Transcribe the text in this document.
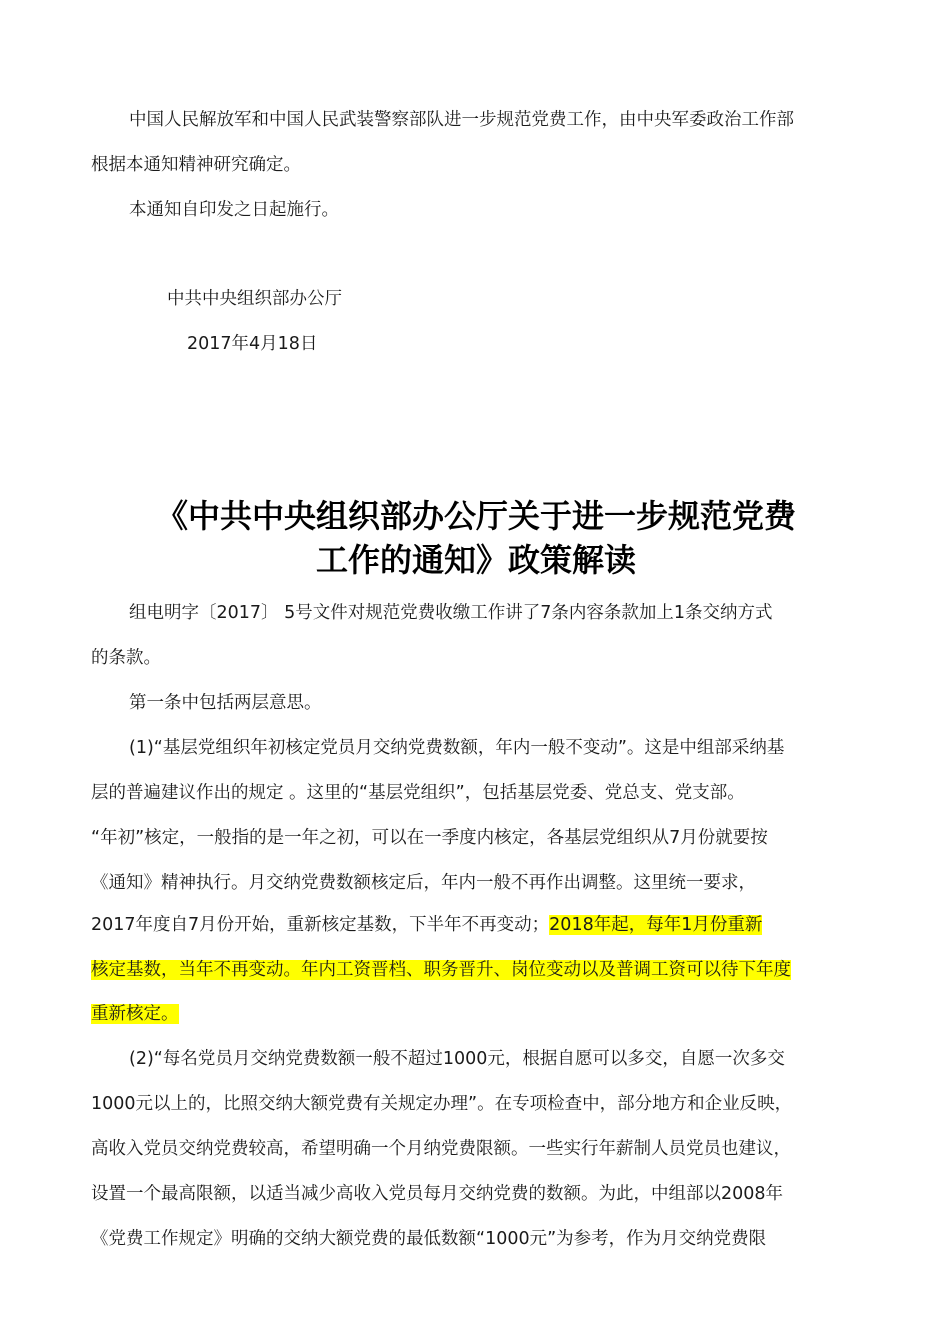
中国人民解放军和中国人民武装警察部队进一步规范党费工作，由中央军委政治工作部
根据本通知精神研究确定。
本通知自印发之日起施行。
中共中央组织部办公厅
2017年4月18日
《中共中央组织部办公厅关于进一步规范党费
工作的通知》政策解读
组电明字〔2017〕 5号文件对规范党费收缴工作讲了7条内容条款加上1条交纳方式
的条款。
第一条中包括两层意思。
(1)“基层党组织年初核定党员月交纳党费数额，年内一般不变动”。这是中组部采纳基
层的普遍建议作出的规定 。这里的“基层党组织”，包括基层党委、党总支、党支部。
“年初”核定，一般指的是一年之初，可以在一季度内核定，各基层党组织从7月份就要按
《通知》精神执行。月交纳党费数额核定后，年内一般不再作出调整。这里统一要求，
2017年度自7月份开始，重新核定基数，下半年不再变动；2018年起，每年1月份重新
核定基数，当年不再变动。年内工资晋档、职务晋升、岗位变动以及普调工资可以待下年度
重新核定。
(2)“每名党员月交纳党费数额一般不超过1000元，根据自愿可以多交，自愿一次多交
1000元以上的，比照交纳大额党费有关规定办理”。在专项检查中，部分地方和企业反映，
高收入党员交纳党费较高，希望明确一个月纳党费限额。一些实行年薪制人员党员也建议，
设置一个最高限额，以适当减少高收入党员每月交纳党费的数额。为此，中组部以2008年
《党费工作规定》明确的交纳大额党费的最低数额“1000元”为参考，作为月交纳党费限
